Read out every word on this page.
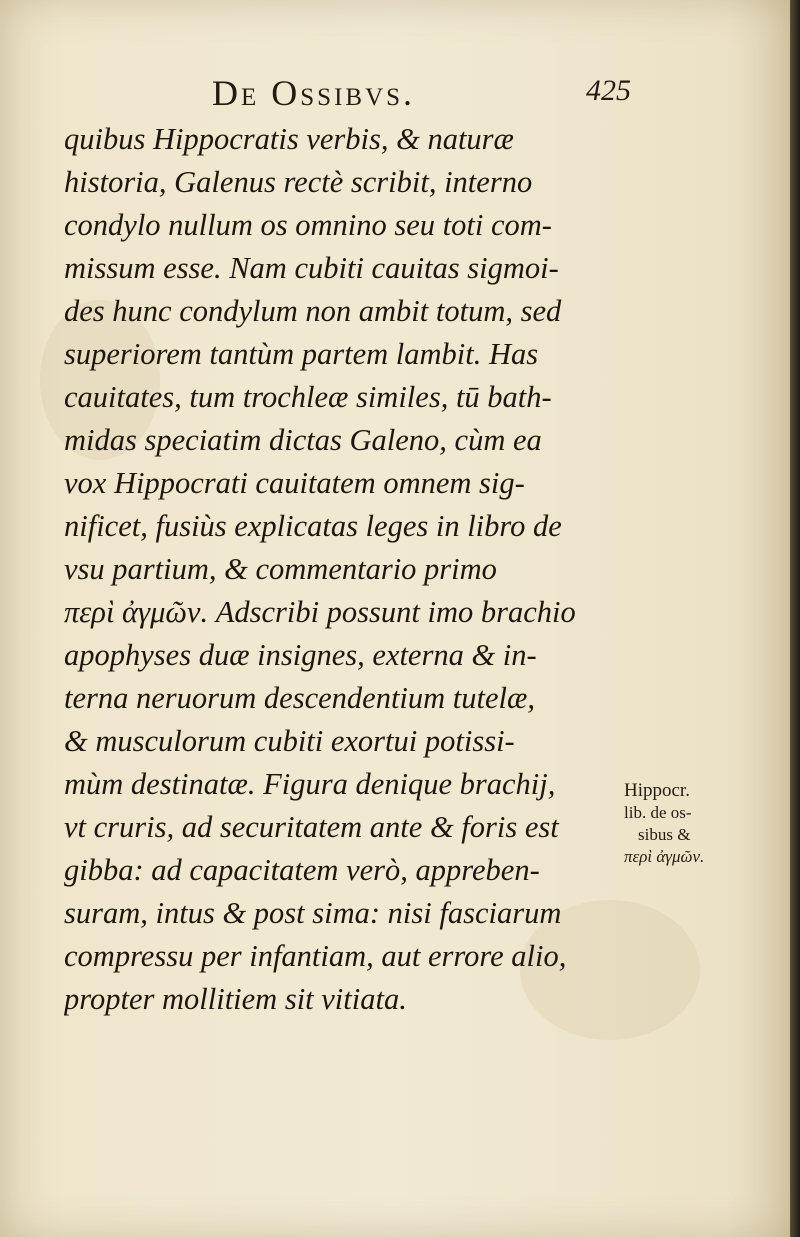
De Ossibvs.	425
quibus Hippocratis verbis, & naturæ
historia, Galenus rectè scribit, interno
condylo nullum os omnino seu toti com-
missum esse. Nam cubiti cauitas sigmoi-
des hunc condylum non ambit totum, sed
superiorem tantùm partem lambit. Has
cauitates, tum trochleæ similes, tū bath-
midas speciatim dictas Galeno, cùm ea
vox Hippocrati cauitatem omnem sig-
nificet, fusiùs explicatas leges in libro de
vsu partium, & commentario primo
περὶ ἀγμῶν. Adscribi possunt imo brachio
apophyses duæ insignes, externa & in-
terna neruorum descendentium tutelæ,
& musculorum cubiti exortui potissi-
mùm destinatæ. Figura denique brachij,
vt cruris, ad securitatem ante & foris est
gibba: ad capacitatem verò, appreben-
suram, intus & post sima: nisi fasciarum
compressu per infantiam, aut errore alio,
propter mollitiem sit vitiata.
Hippocr.
lib. de os-
sibus &
περὶ ἀγμῶν.
